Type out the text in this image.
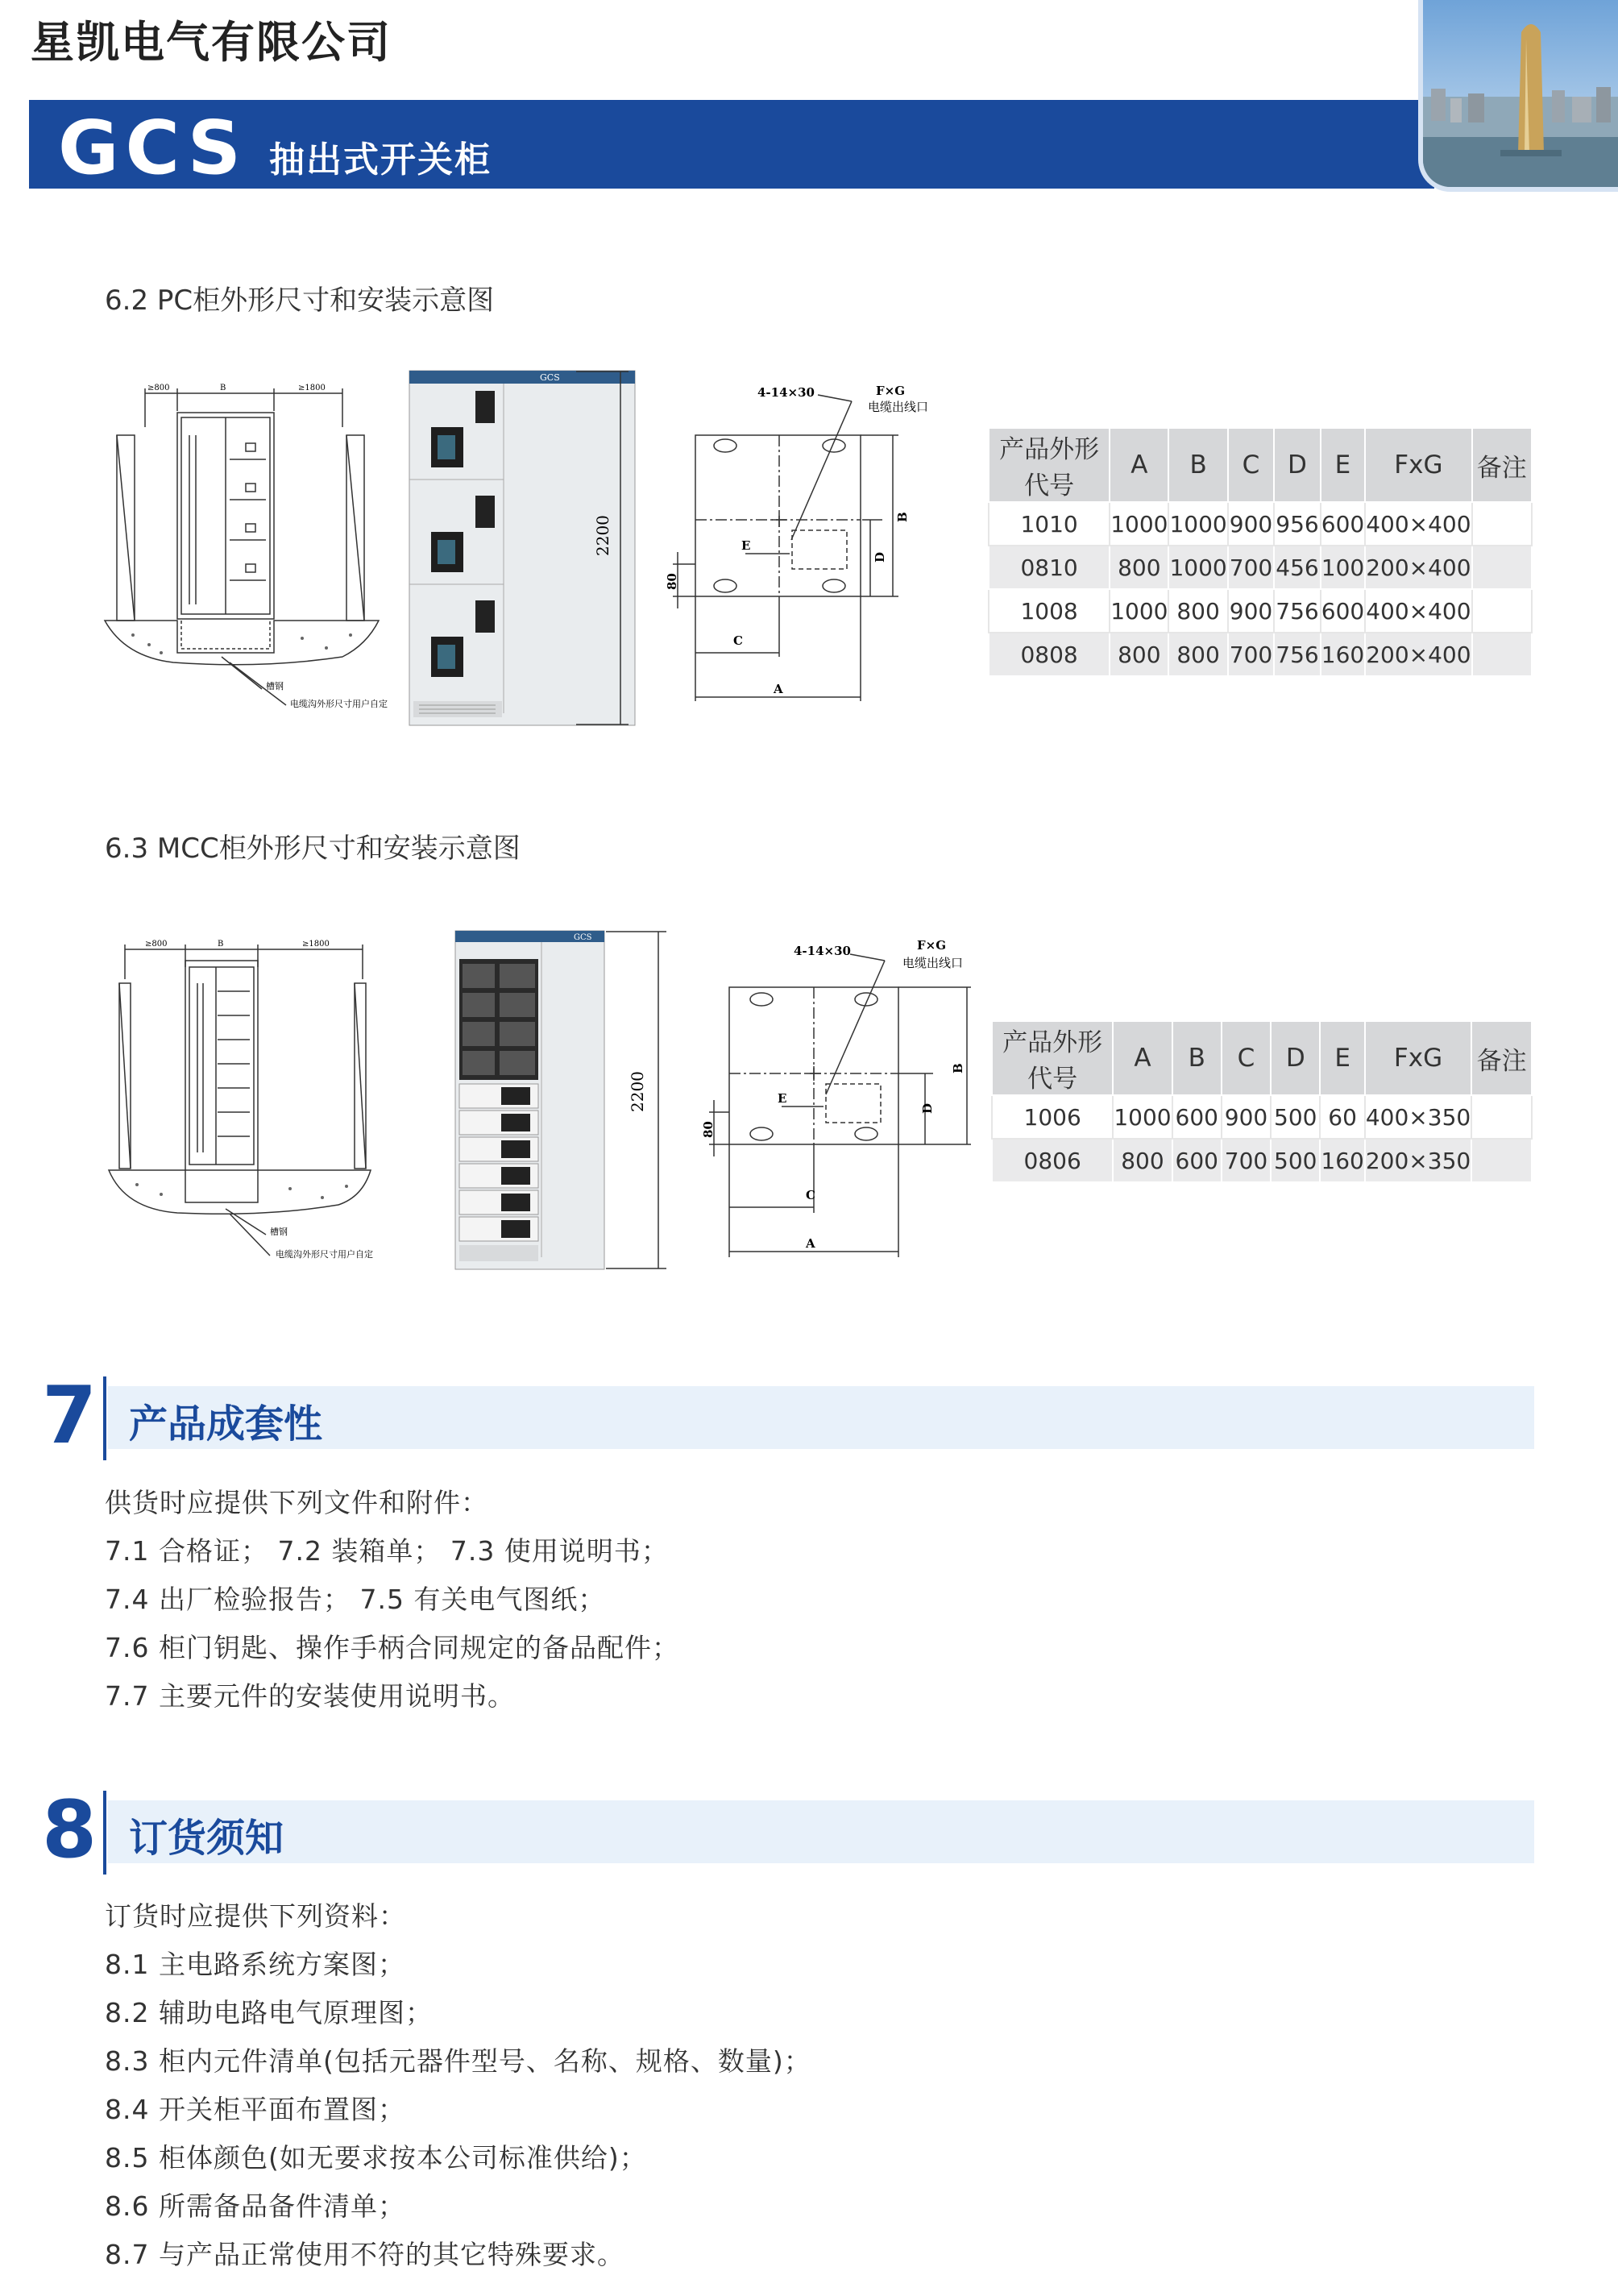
星凯电气有限公司
GCS 抽出式开关柜
6.2 PC柜外形尺寸和安装示意图
≥800	B	≥1800
槽钢
电缆沟外形尺寸用户自定
GCS
2200
4-14×30	F×G
电缆出线口
E
C
A
D
B
80
产品外形代号	A	B	C	D	E	FxG	备注
1010	1000	1000	900	956	600	400×400	
0810	800	1000	700	456	100	200×400	
1008	1000	800	900	756	600	400×400	
0808	800	800	700	756	160	200×400	
6.3 MCC柜外形尺寸和安装示意图
≥800	B	≥1800
槽钢
电缆沟外形尺寸用户自定
GCS
2200
4-14×30	F×G
电缆出线口
E
C
A
D
B
80
产品外形代号	A	B	C	D	E	FxG	备注
1006	1000	600	900	500	60	400×350	
0806	800	600	700	500	160	200×350	
7 产品成套性
供货时应提供下列文件和附件：
7.1 合格证； 7.2 装箱单； 7.3 使用说明书；
7.4 出厂检验报告； 7.5 有关电气图纸；
7.6 柜门钥匙、操作手柄合同规定的备品配件；
7.7 主要元件的安装使用说明书。
8 订货须知
订货时应提供下列资料：
8.1 主电路系统方案图；
8.2 辅助电路电气原理图；
8.3 柜内元件清单(包括元器件型号、名称、规格、数量)；
8.4 开关柜平面布置图；
8.5 柜体颜色(如无要求按本公司标准供给)；
8.6 所需备品备件清单；
8.7 与产品正常使用不符的其它特殊要求。
